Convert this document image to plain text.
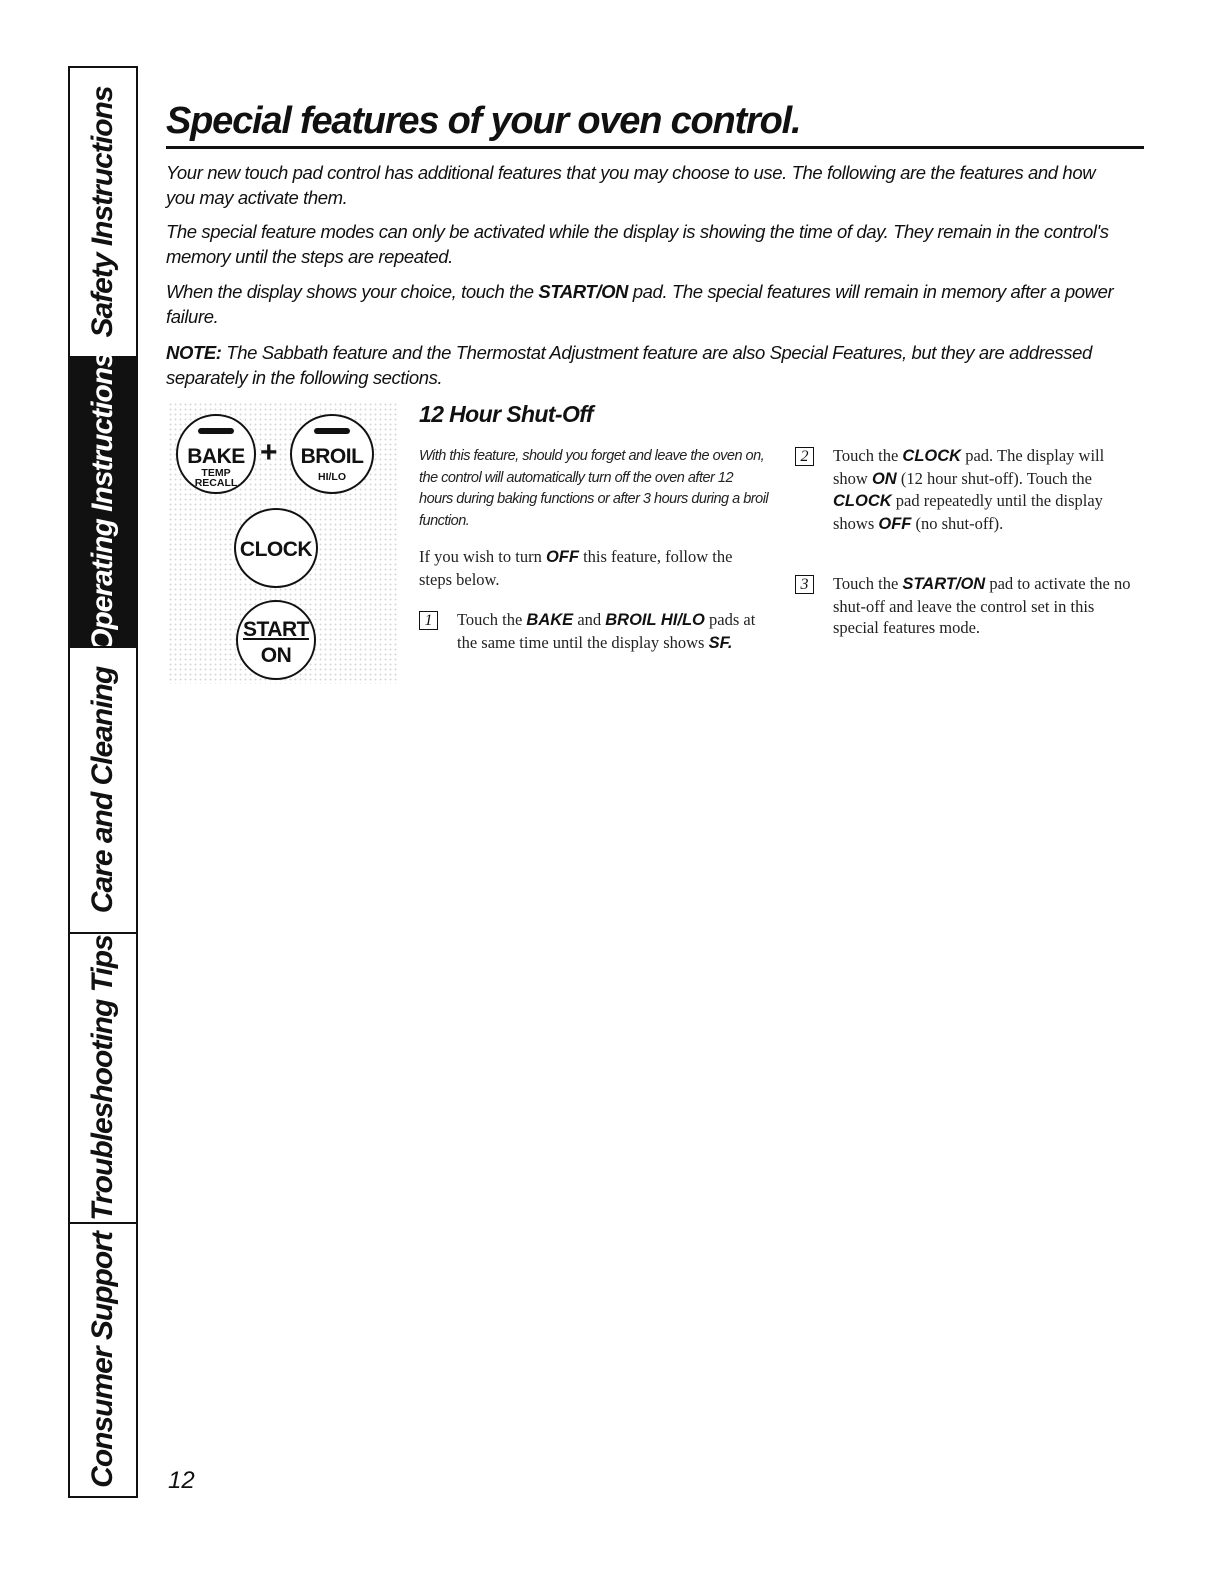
Safety Instructions
Operating Instructions
Care and Cleaning
Troubleshooting Tips
Consumer Support
Special features of your oven control.

Your new touch pad control has additional features that you may choose to use. The following are the features and how you may activate them.

The special feature modes can only be activated while the display is showing the time of day. They remain in the control's memory until the steps are repeated.

When the display shows your choice, touch the START/ON pad. The special features will remain in memory after a power failure.

NOTE: The Sabbath feature and the Thermostat Adjustment feature are also Special Features, but they are addressed separately in the following sections.

BAKE
TEMP
RECALL
+	BROIL
HI/LO
CLOCK
START
ON
12 Hour Shut-Off

With this feature, should you forget and leave the oven on, the control will automatically turn off the oven after 12 hours during baking functions or after 3 hours during a broil function.

If you wish to turn OFF this feature, follow the steps below.

1	Touch the BAKE and BROIL HI/LO pads at the same time until the display shows SF.

2	Touch the CLOCK pad. The display will show ON (12 hour shut-off). Touch the CLOCK pad repeatedly until the display shows OFF (no shut-off).

3	Touch the START/ON pad to activate the no shut-off and leave the control set in this special features mode.

12
